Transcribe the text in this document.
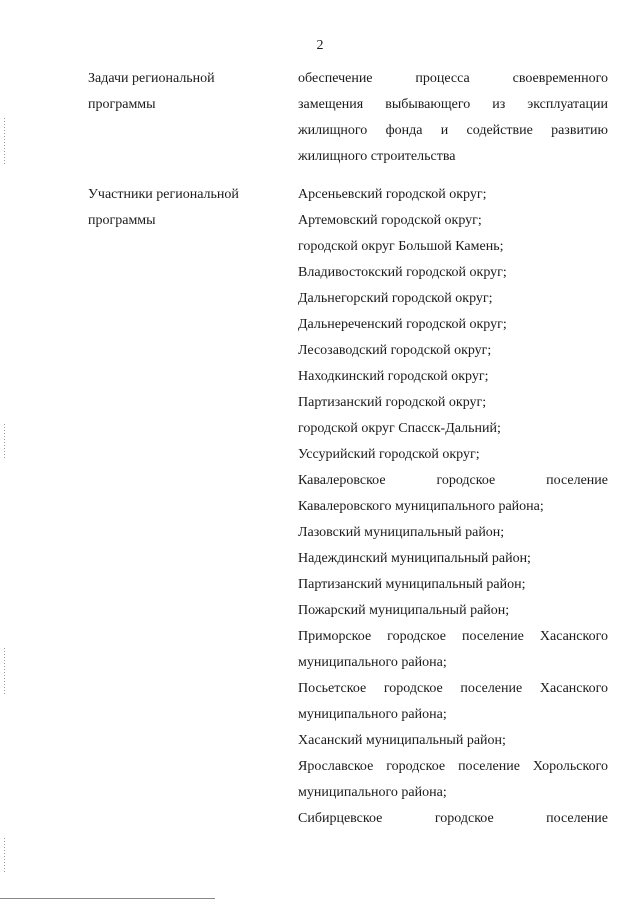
2
Задачи региональной
программы
обеспечение процесса своевременного
замещения выбывающего из эксплуатации
жилищного фонда и содействие развитию
жилищного строительства
Участники региональной
программы
Арсеньевский городской округ;
Артемовский городской округ;
городской округ Большой Камень;
Владивостокский городской округ;
Дальнегорский городской округ;
Дальнереченский городской округ;
Лесозаводский городской округ;
Находкинский городской округ;
Партизанский городской округ;
городской округ Спасск-Дальний;
Уссурийский городской округ;
Кавалеровское городское поселение
Кавалеровского муниципального района;
Лазовский муниципальный район;
Надеждинский муниципальный район;
Партизанский муниципальный район;
Пожарский муниципальный район;
Приморское городское поселение Хасанского
муниципального района;
Посьетское городское поселение Хасанского
муниципального района;
Хасанский муниципальный район;
Ярославское городское поселение Хорольского
муниципального района;
Сибирцевское городское поселение
